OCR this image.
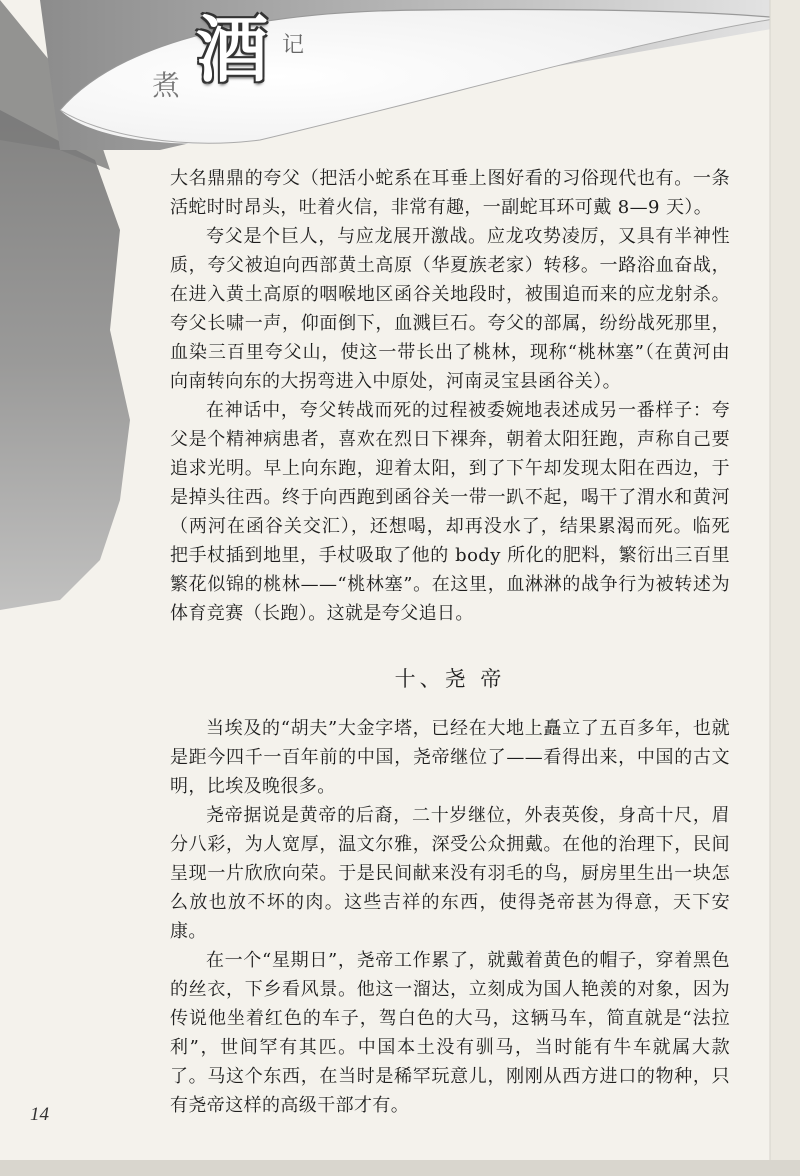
煮 酒 记

大名鼎鼎的夸父（把活小蛇系在耳垂上图好看的习俗现代也有。一条活蛇时时昂头，吐着火信，非常有趣，一副蛇耳环可戴 8—9 天）。

夸父是个巨人，与应龙展开激战。应龙攻势凌厉，又具有半神性质，夸父被迫向西部黄土高原（华夏族老家）转移。一路浴血奋战，在进入黄土高原的咽喉地区函谷关地段时，被围追而来的应龙射杀。夸父长啸一声，仰面倒下，血溅巨石。夸父的部属，纷纷战死那里，血染三百里夸父山，使这一带长出了桃林，现称“桃林塞”（在黄河由向南转向东的大拐弯进入中原处，河南灵宝县函谷关）。

在神话中，夸父转战而死的过程被委婉地表述成另一番样子：夸父是个精神病患者，喜欢在烈日下裸奔，朝着太阳狂跑，声称自己要追求光明。早上向东跑，迎着太阳，到了下午却发现太阳在西边，于是掉头往西。终于向西跑到函谷关一带一趴不起，喝干了渭水和黄河（两河在函谷关交汇），还想喝，却再没水了，结果累渴而死。临死把手杖插到地里，手杖吸取了他的 body 所化的肥料，繁衍出三百里繁花似锦的桃林——“桃林塞”。在这里，血淋淋的战争行为被转述为体育竞赛（长跑）。这就是夸父追日。

十、尧 帝

当埃及的“胡夫”大金字塔，已经在大地上矗立了五百多年，也就是距今四千一百年前的中国，尧帝继位了——看得出来，中国的古文明，比埃及晚很多。

尧帝据说是黄帝的后裔，二十岁继位，外表英俊，身高十尺，眉分八彩，为人宽厚，温文尔雅，深受公众拥戴。在他的治理下，民间呈现一片欣欣向荣。于是民间献来没有羽毛的鸟，厨房里生出一块怎么放也放不坏的肉。这些吉祥的东西，使得尧帝甚为得意，天下安康。

在一个“星期日”，尧帝工作累了，就戴着黄色的帽子，穿着黑色的丝衣，下乡看风景。他这一溜达，立刻成为国人艳羡的对象，因为传说他坐着红色的车子，驾白色的大马，这辆马车，简直就是“法拉利”，世间罕有其匹。中国本土没有驯马，当时能有牛车就属大款了。马这个东西，在当时是稀罕玩意儿，刚刚从西方进口的物种，只有尧帝这样的高级干部才有。

14
